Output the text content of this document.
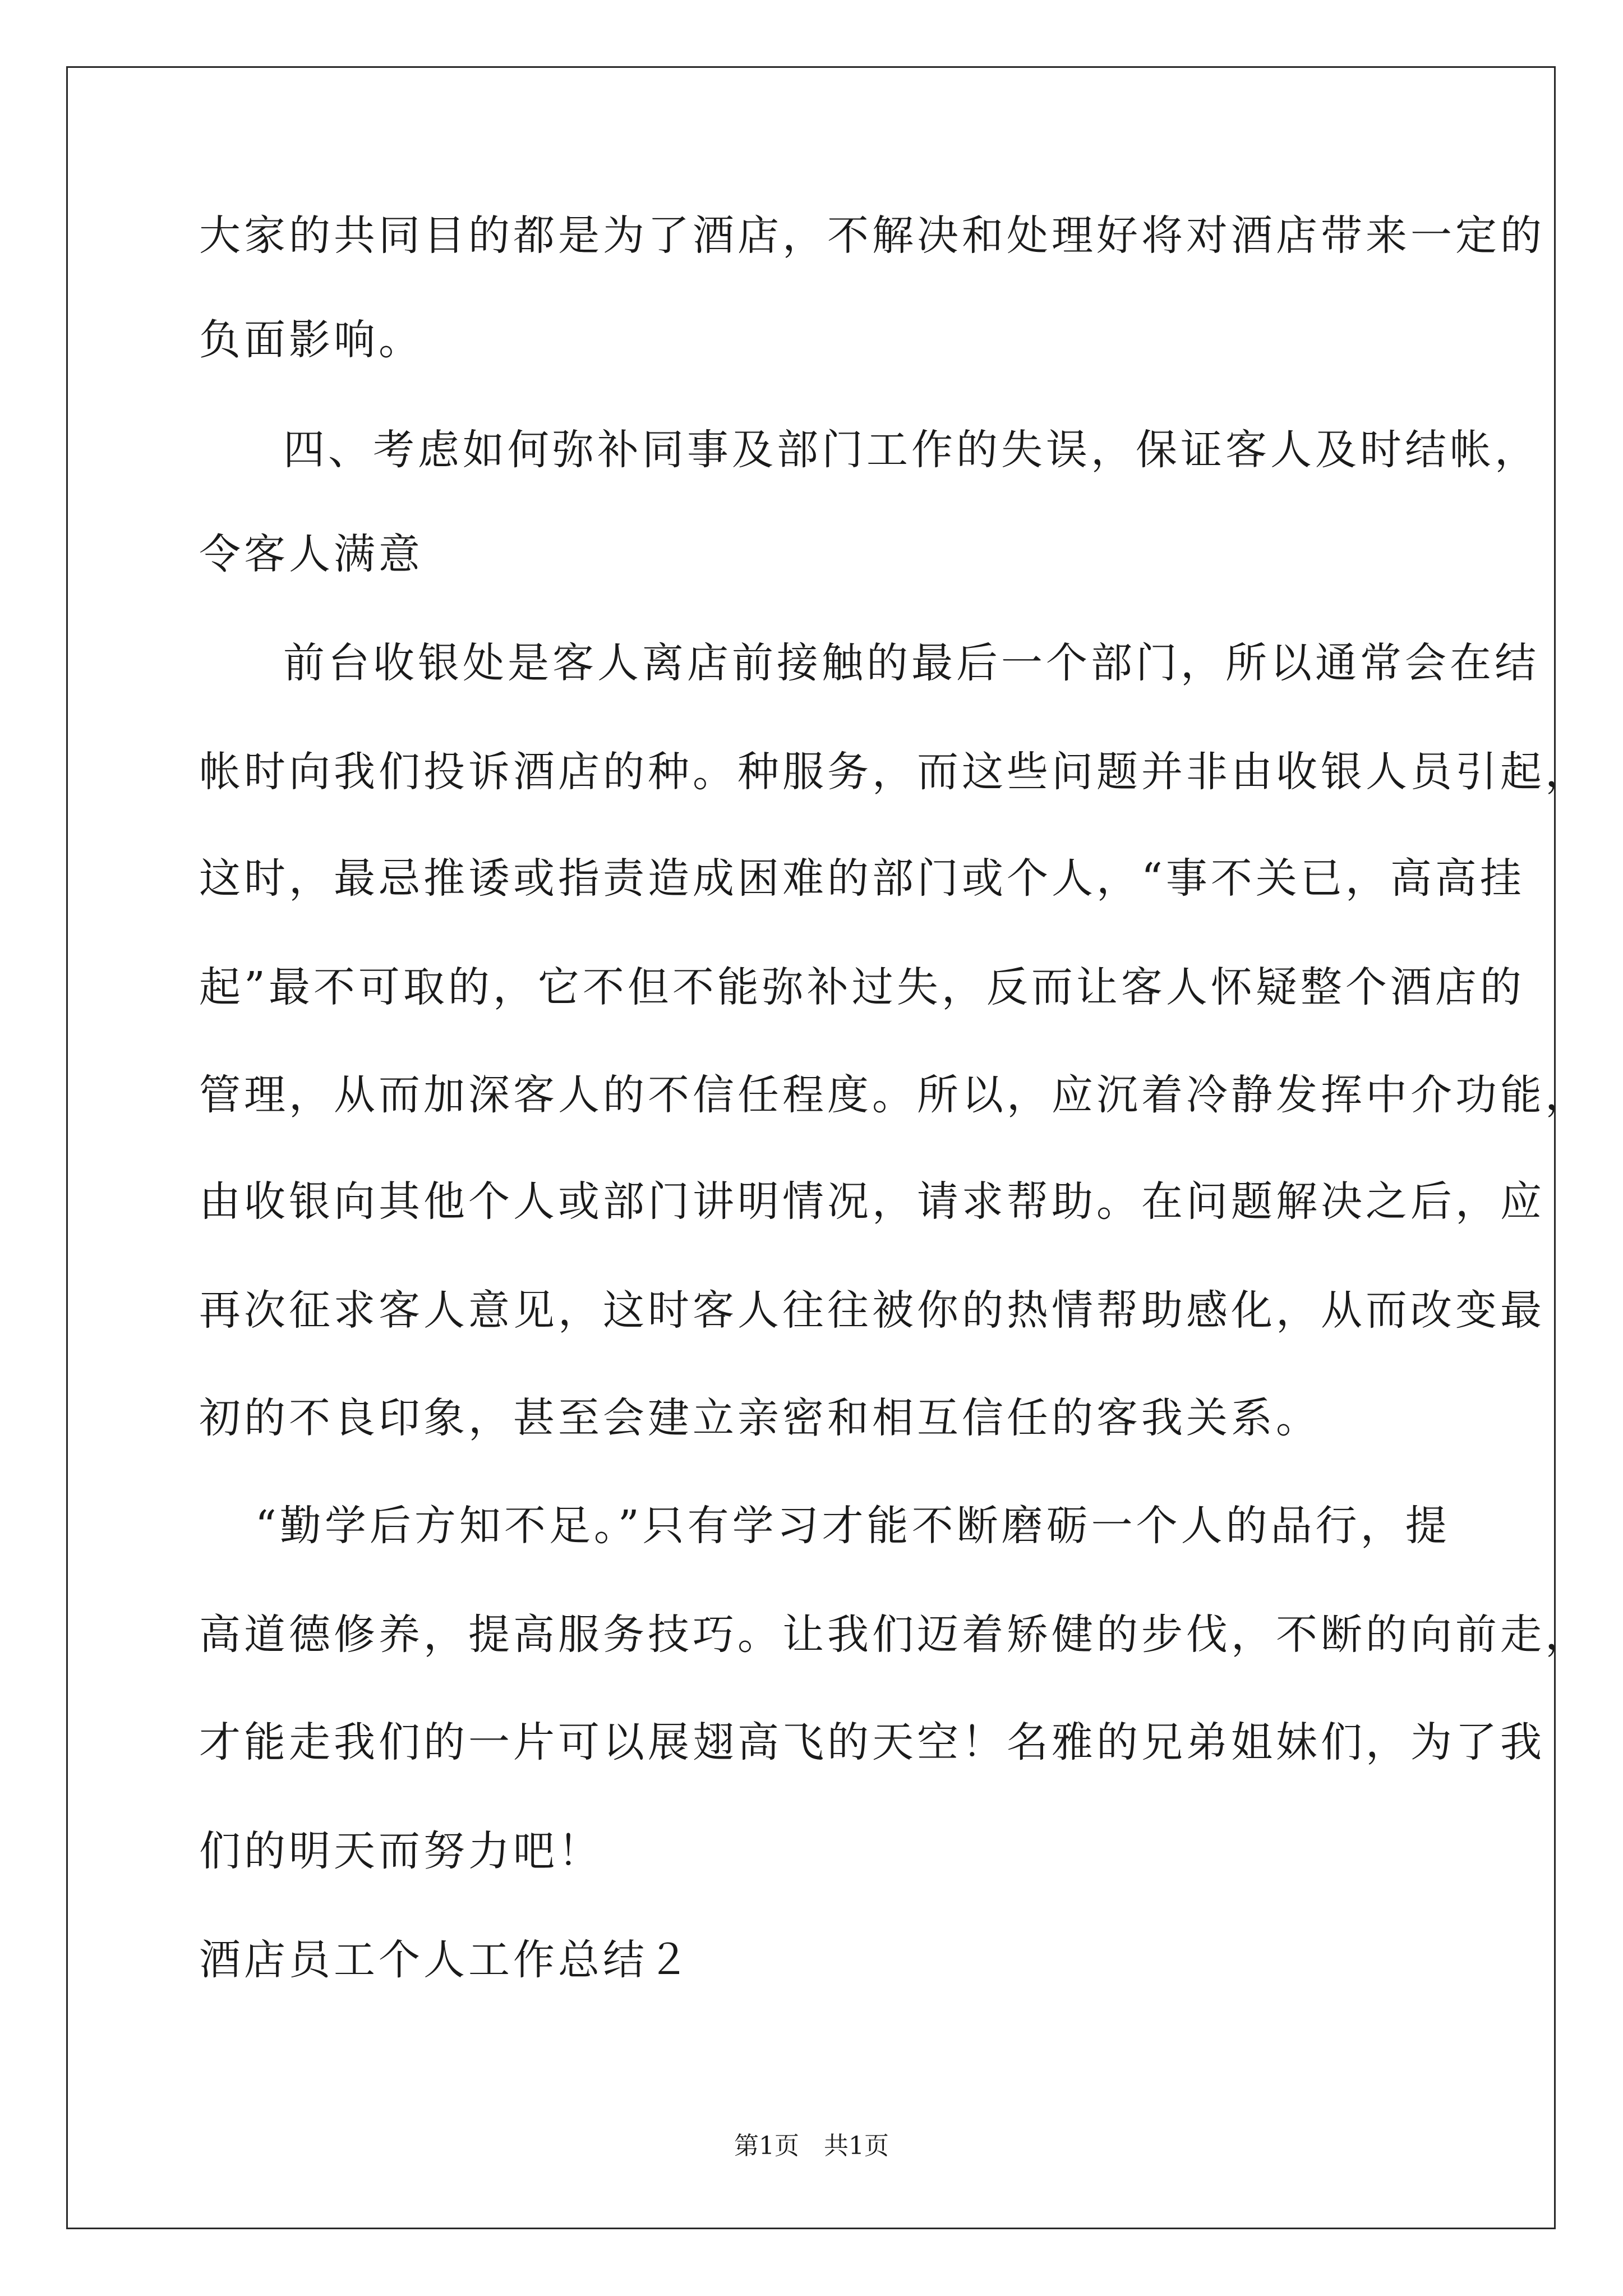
大家的共同目的都是为了酒店，不解决和处理好将对酒店带来一定的
负面影响。
四、考虑如何弥补同事及部门工作的失误，保证客人及时结帐，
令客人满意
前台收银处是客人离店前接触的最后一个部门，所以通常会在结
帐时向我们投诉酒店的种。种服务，而这些问题并非由收银人员引起，
这时，最忌推诿或指责造成困难的部门或个人，“事不关已，高高挂
起”最不可取的，它不但不能弥补过失，反而让客人怀疑整个酒店的
管理，从而加深客人的不信任程度。所以，应沉着冷静发挥中介功能，
由收银向其他个人或部门讲明情况，请求帮助。在问题解决之后，应
再次征求客人意见，这时客人往往被你的热情帮助感化，从而改变最
初的不良印象，甚至会建立亲密和相互信任的客我关系。
“勤学后方知不足。”只有学习才能不断磨砺一个人的品行，提
高道德修养，提高服务技巧。让我们迈着矫健的步伐，不断的向前走，
才能走我们的一片可以展翅高飞的天空！名雅的兄弟姐妹们，为了我
们的明天而努力吧！
酒店员工个人工作总结２
第1页　共1页
